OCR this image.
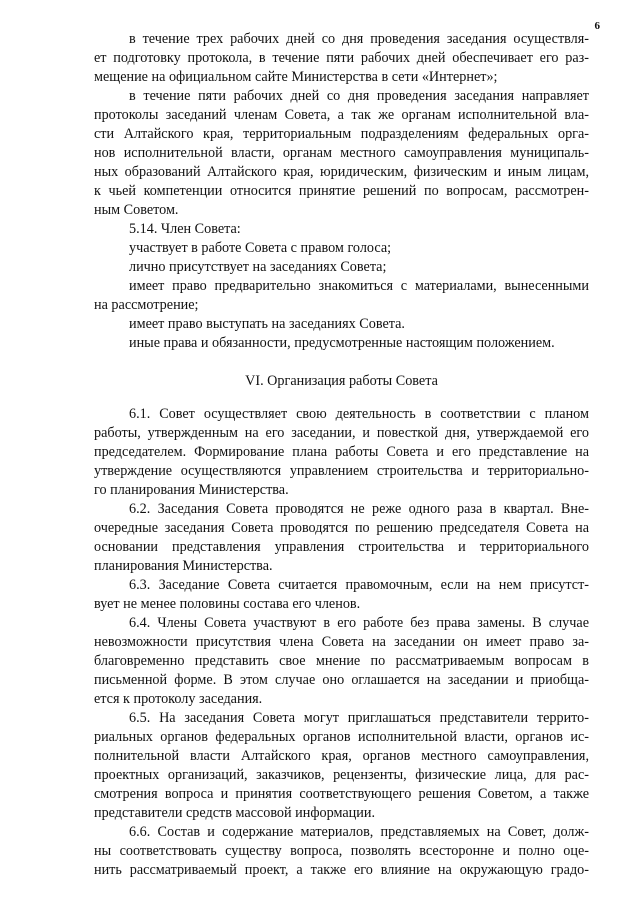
6
в течение трех рабочих дней со дня проведения заседания осуществля-
ет подготовку протокола, в течение пяти рабочих дней обеспечивает его раз-
мещение на официальном сайте Министерства в сети «Интернет»;
в течение пяти рабочих дней со дня проведения заседания направляет
протоколы заседаний членам Совета, а так же органам исполнительной вла-
сти Алтайского края, территориальным подразделениям федеральных орга-
нов исполнительной власти, органам местного самоуправления муниципаль-
ных образований Алтайского края, юридическим, физическим и иным лицам,
к чьей компетенции относится принятие решений по вопросам, рассмотрен-
ным Советом.
5.14. Член Совета:
участвует в работе Совета с правом голоса;
лично присутствует на заседаниях Совета;
имеет право предварительно знакомиться с материалами, вынесенными
на рассмотрение;
имеет право выступать на заседаниях Совета.
иные права и обязанности, предусмотренные настоящим положением.
VI. Организация работы Совета
6.1. Совет осуществляет свою деятельность в соответствии с планом
работы, утвержденным на его заседании, и повесткой дня, утверждаемой его
председателем. Формирование плана работы Совета и его представление на
утверждение осуществляются управлением строительства и территориально-
го планирования Министерства.
6.2. Заседания Совета проводятся не реже одного раза в квартал. Вне-
очередные заседания Совета проводятся по решению председателя Совета на
основании представления управления строительства и территориального
планирования Министерства.
6.3. Заседание Совета считается правомочным, если на нем присутст-
вует не менее половины состава его членов.
6.4. Члены Совета участвуют в его работе без права замены. В случае
невозможности присутствия члена Совета на заседании он имеет право за-
благовременно представить свое мнение по рассматриваемым вопросам в
письменной форме. В этом случае оно оглашается на заседании и приобща-
ется к протоколу заседания.
6.5. На заседания Совета могут приглашаться представители террито-
риальных органов федеральных органов исполнительной власти, органов ис-
полнительной власти Алтайского края, органов местного самоуправления,
проектных организаций, заказчиков, рецензенты, физические лица, для рас-
смотрения вопроса и принятия соответствующего решения Советом, а также
представители средств массовой информации.
6.6. Состав и содержание материалов, представляемых на Совет, долж-
ны соответствовать существу вопроса, позволять всесторонне и полно оце-
нить рассматриваемый проект, а также его влияние на окружающую градо-
